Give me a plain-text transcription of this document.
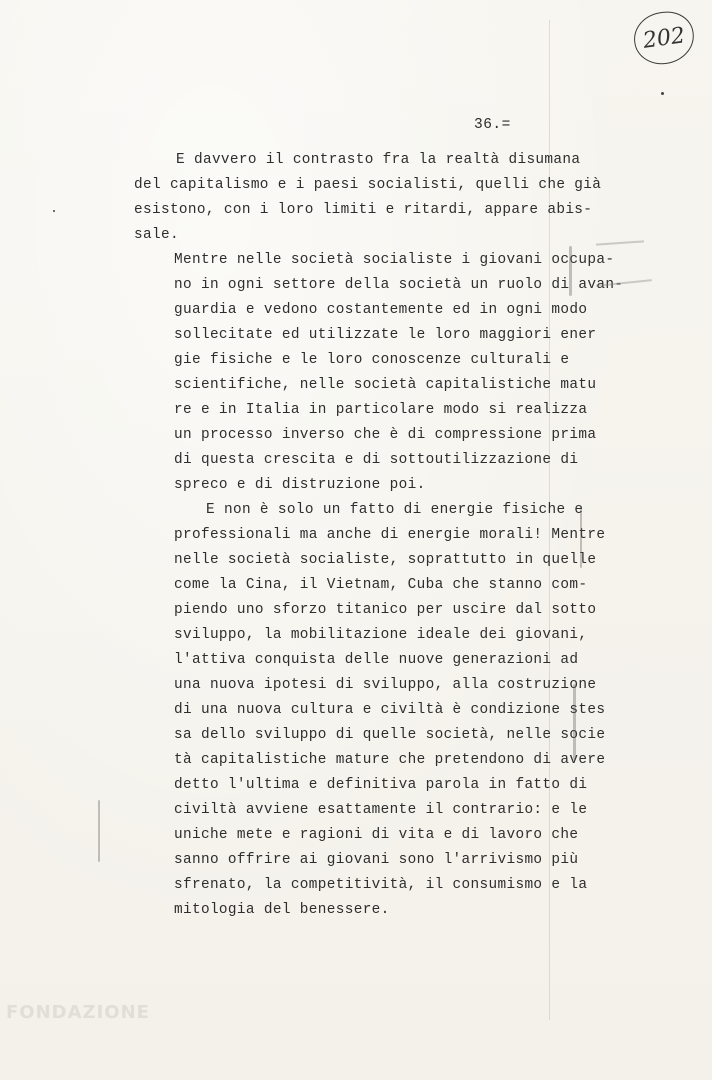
202
36.=
E davvero il contrasto fra la realtà disumana
del capitalismo e i paesi socialisti, quelli che già
esistono, con i loro limiti e ritardi, appare abis-
sale.
Mentre nelle società socialiste i giovani occupa-
no in ogni settore della società un ruolo di avan-
guardia e vedono costantemente ed in ogni modo
sollecitate ed utilizzate le loro maggiori ener
gie fisiche e le loro conoscenze culturali e
scientifiche, nelle società capitalistiche matu
re e in Italia in particolare modo si realizza
un processo inverso che è di compressione prima
di questa crescita e di sottoutilizzazione di
spreco e di distruzione poi.
E non è solo un fatto di energie fisiche e
professionali ma anche di energie morali! Mentre
nelle società socialiste, soprattutto in quelle
come la Cina, il Vietnam, Cuba che stanno com-
piendo uno sforzo titanico per uscire dal sotto
sviluppo, la mobilitazione ideale dei giovani,
l'attiva conquista delle nuove generazioni ad
una nuova ipotesi di sviluppo, alla costruzione
di una nuova cultura e civiltà è condizione stes
sa dello sviluppo di quelle società, nelle socie
tà capitalistiche mature che pretendono di avere
detto l'ultima e definitiva parola in fatto di
civiltà avviene esattamente il contrario: e le
uniche mete e ragioni di vita e di lavoro che
sanno offrire ai giovani sono l'arrivismo più
sfrenato, la competitività, il consumismo e la
mitologia del benessere.
FONDAZIONE
